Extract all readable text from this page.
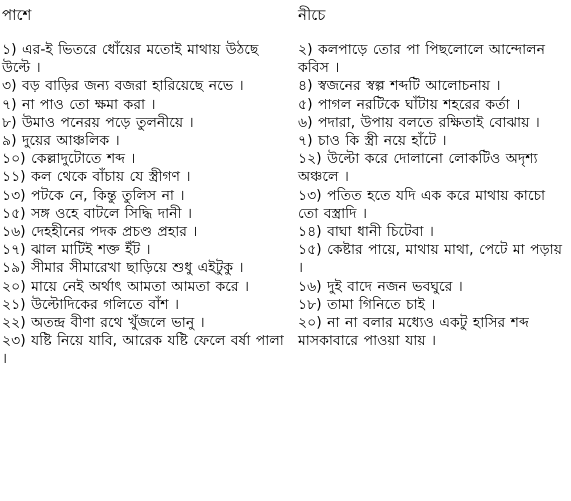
পাশে
১) এর-ই ভিতরে ধোঁয়ের মতোই মাথায় উঠছে উল্টে ।
৩) বড় বাড়ির জন্য বজরা হারিয়েছে নভে ।
৭) না পাও তো ক্ষমা করা ।
৮) উমাও পনেরয় পড়ে তুলনীয়ে ।
৯) দুয়ের আঞ্চলিক ।
১০) কেল্লাদুটোতে শব্দ ।
১১) কল থেকে বাঁচায় যে স্ত্রীগণ ।
১৩) পটকে নে, কিন্তু তুলিস না ।
১৫) সঙ্গ ওহে বাটলে সিদ্ধি দানী ।
১৬) দেহহীনের পদক প্রচণ্ড প্রহার ।
১৭) ঝাল মাটিই শক্ত ইঁট ।
১৯) সীমার সীমারেখা ছাড়িয়ে শুধু এইটুকু ।
২০) মায়ে নেই অর্থাৎ আমতা আমতা করে ।
২১) উল্টোদিকের গলিতে বাঁশ ।
২২) অতন্দ্র বীণা রথে খুঁজলে ভানু ।
২৩) যষ্টি নিয়ে যাবি, আরেক যষ্টি ফেলে বর্ষা পালা ।
নীচে
২) কলপাড়ে তোর পা পিছলোলে আন্দোলন কবিস ।
৪) স্বজনের স্বল্প শব্দটি আলোচনায় ।
৫) পাগল নরটিকে ঘাঁটায় শহরের কর্তা ।
৬) পদারা, উপায় বলতে রক্ষিতাই বোঝায় ।
৭) চাও কি স্ত্রী নয়ে হাঁটে ।
১২) উল্টো করে দোলানো লোকটিও অদৃশ্য অঞ্চলে ।
১৩) পতিত হতে যদি এক করে মাথায় কাচো তো বস্ত্রাদি ।
১৪) বাঘা ধানী চিটেবা ।
১৫) কেষ্টার পায়ে, মাথায় মাথা, পেটে মা পড়ায় ।
১৬) দুই বাদে নজন ভবঘুরে ।
১৮) তামা গিনিতে চাই ।
২০) না না বলার মধ্যেও একটু হাসির শব্দ মাসকাবারে পাওয়া যায় ।
